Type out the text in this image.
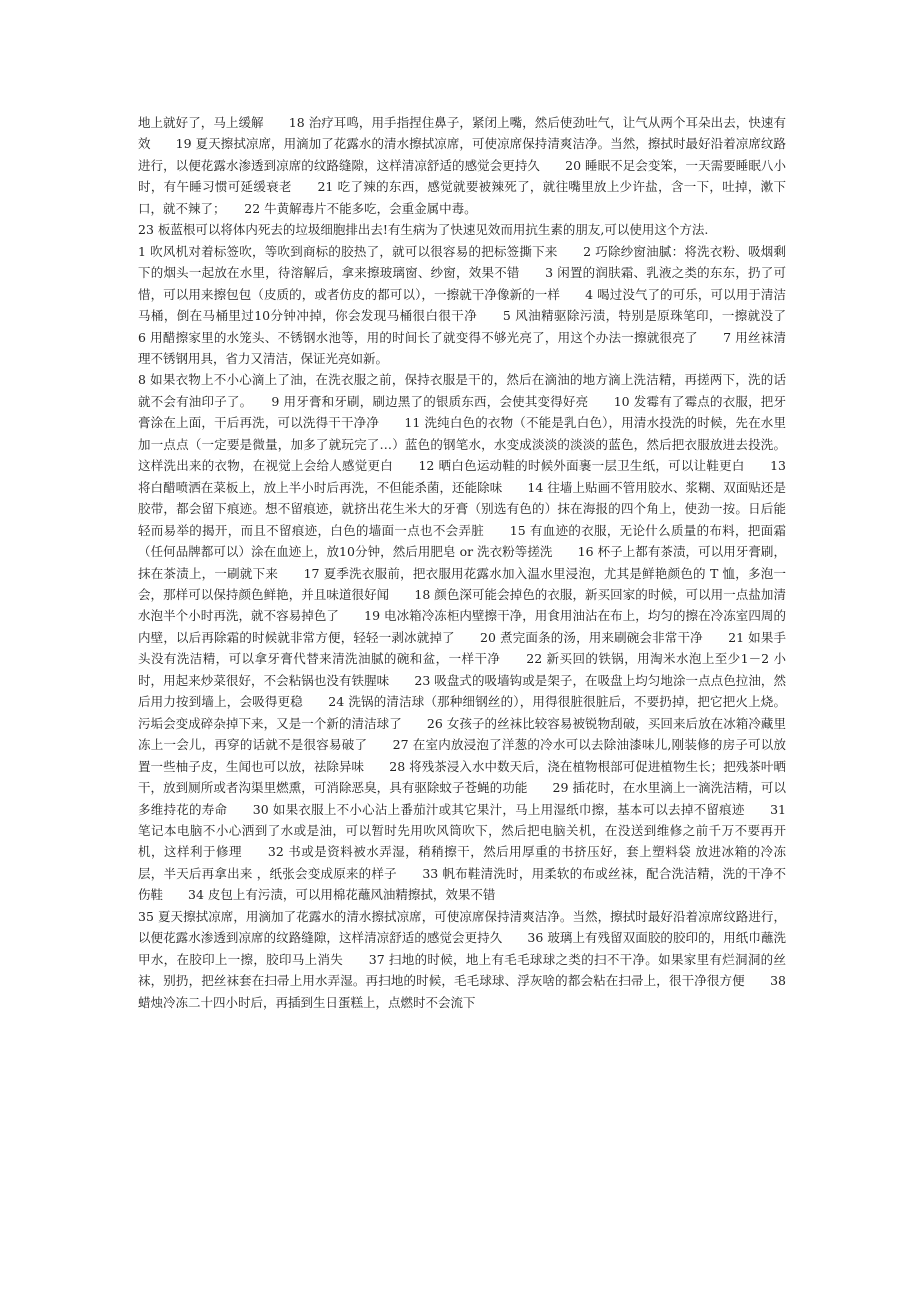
地上就好了，马上缓解　　18 治疗耳鸣，用手指捏住鼻子，紧闭上嘴，然后使劲吐气，让气从两个耳朵出去，快速有效　　19 夏天擦拭凉席，用滴加了花露水的清水擦拭凉席，可使凉席保持清爽洁净。当然，擦拭时最好沿着凉席纹路进行，以便花露水渗透到凉席的纹路缝隙，这样清凉舒适的感觉会更持久　　20 睡眠不足会变笨，一天需要睡眠八小时，有午睡习惯可延缓衰老　　21 吃了辣的东西，感觉就要被辣死了，就往嘴里放上少许盐，含一下，吐掉，漱下口，就不辣了；　　22 牛黄解毒片不能多吃，会重金属中毒。

23 板蓝根可以将体内死去的垃圾细胞排出去!有生病为了快速见效而用抗生素的朋友,可以使用这个方法.

1 吹风机对着标签吹，等吹到商标的胶热了，就可以很容易的把标签撕下来　　2 巧除纱窗油腻：将洗衣粉、吸烟剩下的烟头一起放在水里，待溶解后，拿来擦玻璃窗、纱窗，效果不错　　3 闲置的润肤霜、乳液之类的东东，扔了可惜，可以用来擦包包（皮质的，或者仿皮的都可以），一擦就干净像新的一样　　4 喝过没气了的可乐，可以用于清洁马桶，倒在马桶里过10分钟冲掉，你会发现马桶很白很干净　　5 风油精驱除污渍，特别是原珠笔印，一擦就没了　　6 用醋擦家里的水笼头、不锈钢水池等，用的时间长了就变得不够光亮了，用这个办法一擦就很亮了　　7 用丝袜清理不锈钢用具，省力又清洁，保证光亮如新。

8 如果衣物上不小心滴上了油，在洗衣服之前，保持衣服是干的，然后在滴油的地方滴上洗洁精，再搓两下，洗的话就不会有油印子了。　　9 用牙膏和牙刷，刷边黑了的银质东西，会使其变得好亮　　10 发霉有了霉点的衣服，把牙膏涂在上面，干后再洗，可以洗得干干净净　　11 洗纯白色的衣物（不能是乳白色），用清水投洗的时候，先在水里加一点点（一定要是微量，加多了就玩完了…）蓝色的钢笔水，水变成淡淡的淡淡的蓝色，然后把衣服放进去投洗。这样洗出来的衣物，在视觉上会给人感觉更白　　12 晒白色运动鞋的时候外面裹一层卫生纸，可以让鞋更白　　13 将白醋喷洒在菜板上，放上半小时后再洗，不但能杀菌，还能除味　　14 往墙上贴画不管用胶水、浆糊、双面贴还是胶带，都会留下痕迹。想不留痕迹，就挤出花生米大的牙膏（别选有色的）抹在海报的四个角上，使劲一按。日后能轻而易举的揭开，而且不留痕迹，白色的墙面一点也不会弄脏　　15 有血迹的衣服，无论什么质量的布料，把面霜（任何品牌都可以）涂在血迹上，放10分钟，然后用肥皂 or 洗衣粉等搓洗　　16 杯子上都有茶渍，可以用牙膏刷，抹在茶渍上，一刷就下来　　17 夏季洗衣服前，把衣服用花露水加入温水里浸泡，尤其是鲜艳颜色的 T 恤，多泡一会，那样可以保持颜色鲜艳，并且味道很好闻　　18 颜色深可能会掉色的衣服，新买回家的时候，可以用一点盐加清水泡半个小时再洗，就不容易掉色了　　19 电冰箱冷冻柜内壁擦干净，用食用油沾在布上，均匀的擦在冷冻室四周的内壁，以后再除霜的时候就非常方便，轻轻一剥冰就掉了　　20 煮完面条的汤，用来刷碗会非常干净　　21 如果手头没有洗洁精，可以拿牙膏代替来清洗油腻的碗和盆，一样干净　　22 新买回的铁锅，用淘米水泡上至少1－2 小时，用起来炒菜很好，不会粘锅也没有铁腥味　　23 吸盘式的吸墙钩或是架子，在吸盘上均匀地涂一点点色拉油，然后用力按到墙上，会吸得更稳　　24 洗锅的清洁球（那种细钢丝的），用得很脏很脏后，不要扔掉，把它把火上烧。污垢会变成碎杂掉下来，又是一个新的清洁球了　　26 女孩子的丝袜比较容易被锐物刮破，买回来后放在冰箱冷藏里冻上一会儿，再穿的话就不是很容易破了　　27 在室内放浸泡了洋葱的冷水可以去除油漆味儿,刚装修的房子可以放置一些柚子皮，生闻也可以放，祛除异味　　28 将残茶浸入水中数天后，浇在植物根部可促进植物生长；把残茶叶晒干，放到厕所或者沟渠里燃熏，可消除恶臭，具有驱除蚊子苍蝇的功能　　29 插花时，在水里滴上一滴洗洁精，可以多维持花的寿命　　30 如果衣服上不小心沾上番茄汁或其它果汁，马上用湿纸巾擦，基本可以去掉不留痕迹　　31 笔记本电脑不小心洒到了水或是油，可以暂时先用吹风筒吹下，然后把电脑关机，在没送到维修之前千万不要再开机，这样利于修理　　32 书或是资料被水弄湿，稍稍擦干，然后用厚重的书挤压好，套上塑料袋 放进冰箱的冷冻层，半天后再拿出来 ，纸张会变成原来的样子　　33 帆布鞋清洗时，用柔软的布或丝袜，配合洗洁精，洗的干净不伤鞋　　34 皮包上有污渍，可以用棉花蘸风油精擦拭，效果不错

35 夏天擦拭凉席，用滴加了花露水的清水擦拭凉席，可使凉席保持清爽洁净。当然，擦拭时最好沿着凉席纹路进行，以便花露水渗透到凉席的纹路缝隙，这样清凉舒适的感觉会更持久　　36 玻璃上有残留双面胶的胶印的，用纸巾蘸洗甲水，在胶印上一擦，胶印马上消失　　37 扫地的时候，地上有毛毛球球之类的扫不干净。如果家里有烂洞洞的丝袜，别扔，把丝袜套在扫帚上用水弄湿。再扫地的时候，毛毛球球、浮灰啥的都会粘在扫帚上，很干净很方便　　38 蜡烛冷冻二十四小时后，再插到生日蛋糕上，点燃时不会流下
